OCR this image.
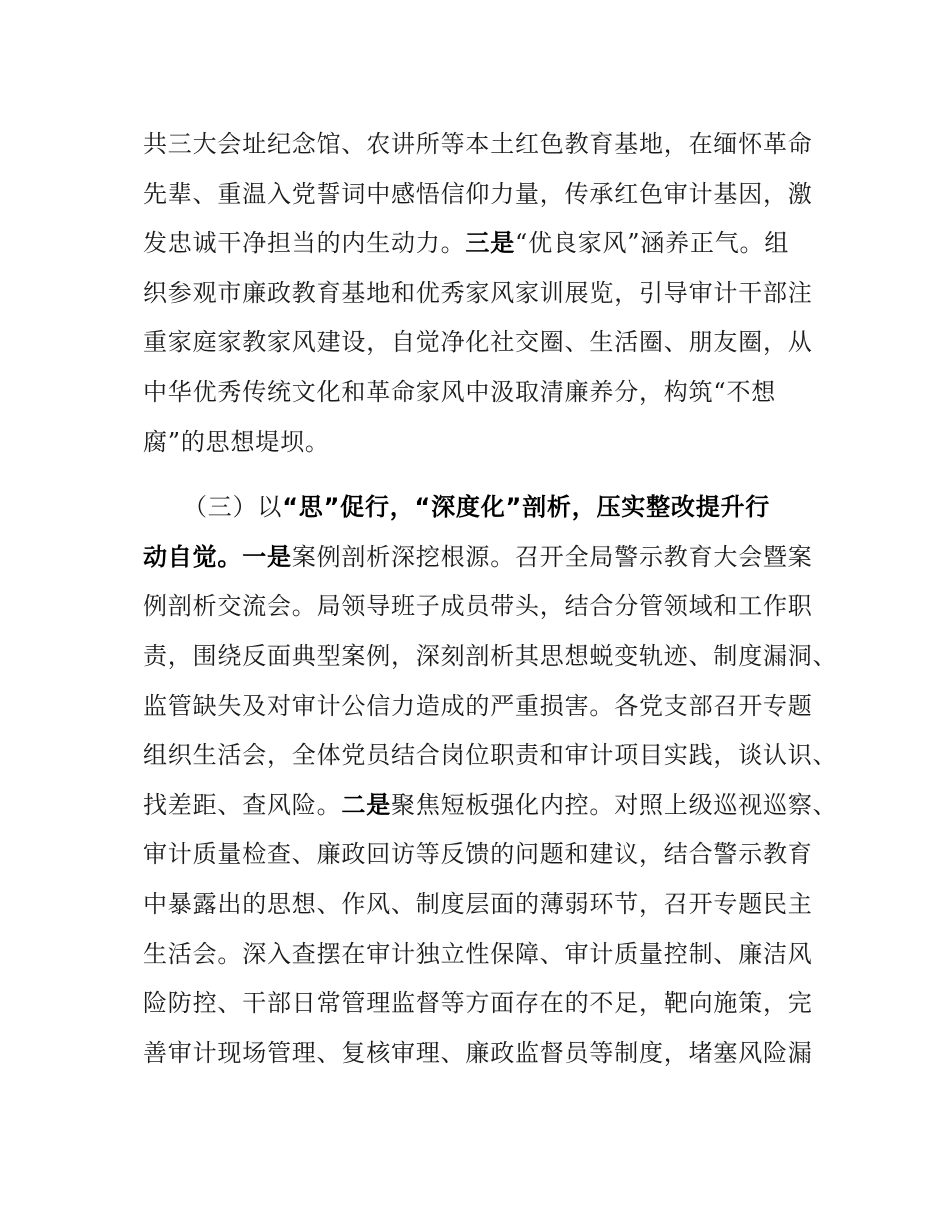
共三大会址纪念馆、农讲所等本土红色教育基地，在缅怀革命
先辈、重温入党誓词中感悟信仰力量，传承红色审计基因，激
发忠诚干净担当的内生动力。三是“优良家风”涵养正气。组
织参观市廉政教育基地和优秀家风家训展览，引导审计干部注
重家庭家教家风建设，自觉净化社交圈、生活圈、朋友圈，从
中华优秀传统文化和革命家风中汲取清廉养分，构筑“不想
腐”的思想堤坝。
（三）以“思”促行，“深度化”剖析，压实整改提升行
动自觉。一是案例剖析深挖根源。召开全局警示教育大会暨案
例剖析交流会。局领导班子成员带头，结合分管领域和工作职
责，围绕反面典型案例，深刻剖析其思想蜕变轨迹、制度漏洞、
监管缺失及对审计公信力造成的严重损害。各党支部召开专题
组织生活会，全体党员结合岗位职责和审计项目实践，谈认识、
找差距、查风险。二是聚焦短板强化内控。对照上级巡视巡察、
审计质量检查、廉政回访等反馈的问题和建议，结合警示教育
中暴露出的思想、作风、制度层面的薄弱环节，召开专题民主
生活会。深入查摆在审计独立性保障、审计质量控制、廉洁风
险防控、干部日常管理监督等方面存在的不足，靶向施策，完
善审计现场管理、复核审理、廉政监督员等制度，堵塞风险漏
